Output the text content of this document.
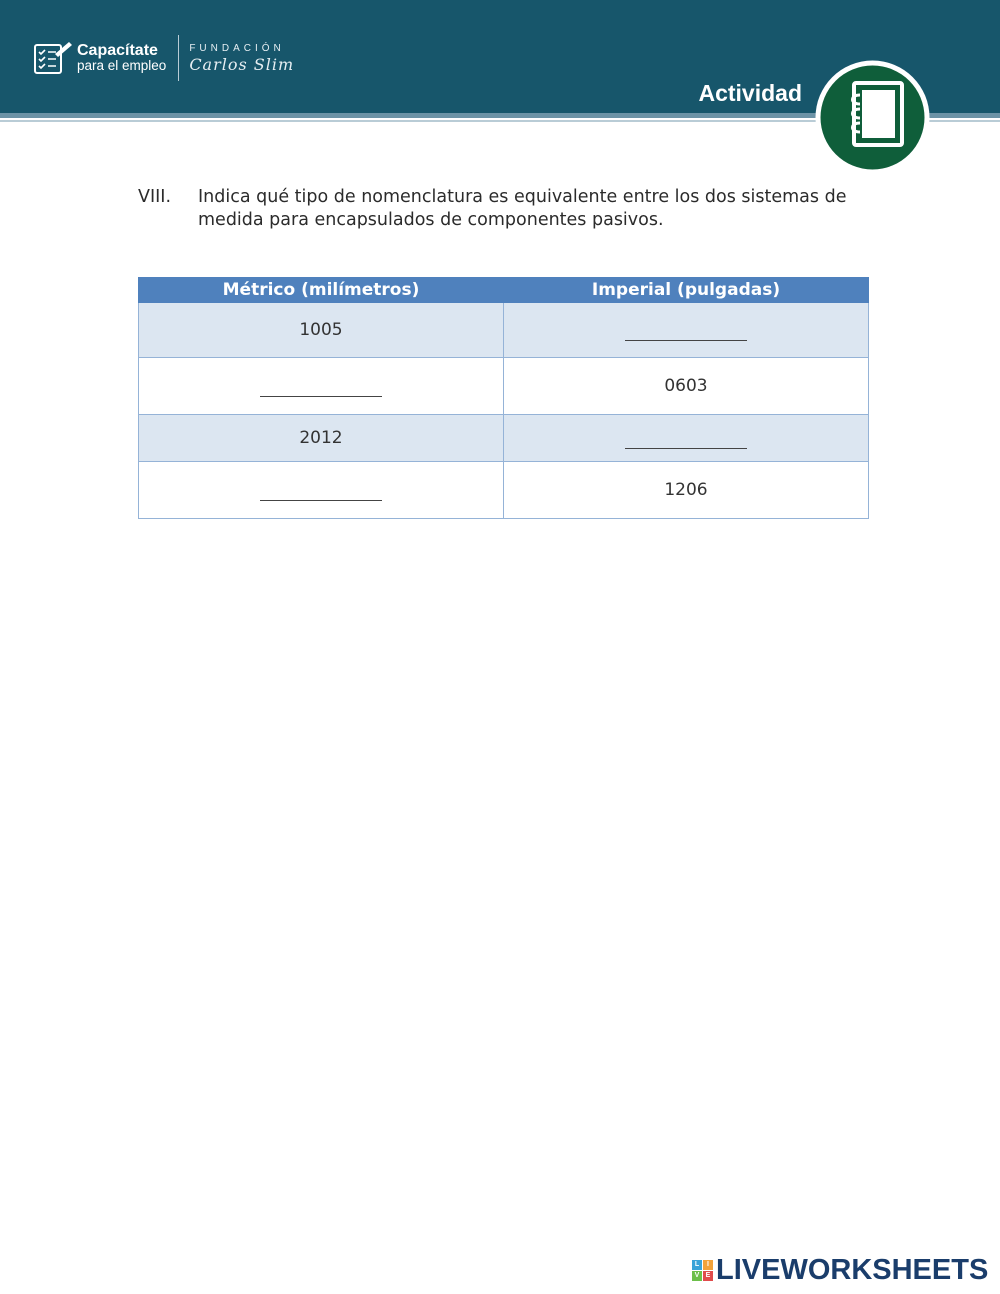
Capacítate
para el empleo
FUNDACIÓN
Carlos Slim
Actividad
VIII. Indica qué tipo de nomenclatura es equivalente entre los dos sistemas de medida para encapsulados de componentes pasivos.
Métrico (milímetros)	Imperial (pulgadas)
1005	
	0603
2012	
	1206
L	I
V E LIVEWORKSHEETS
